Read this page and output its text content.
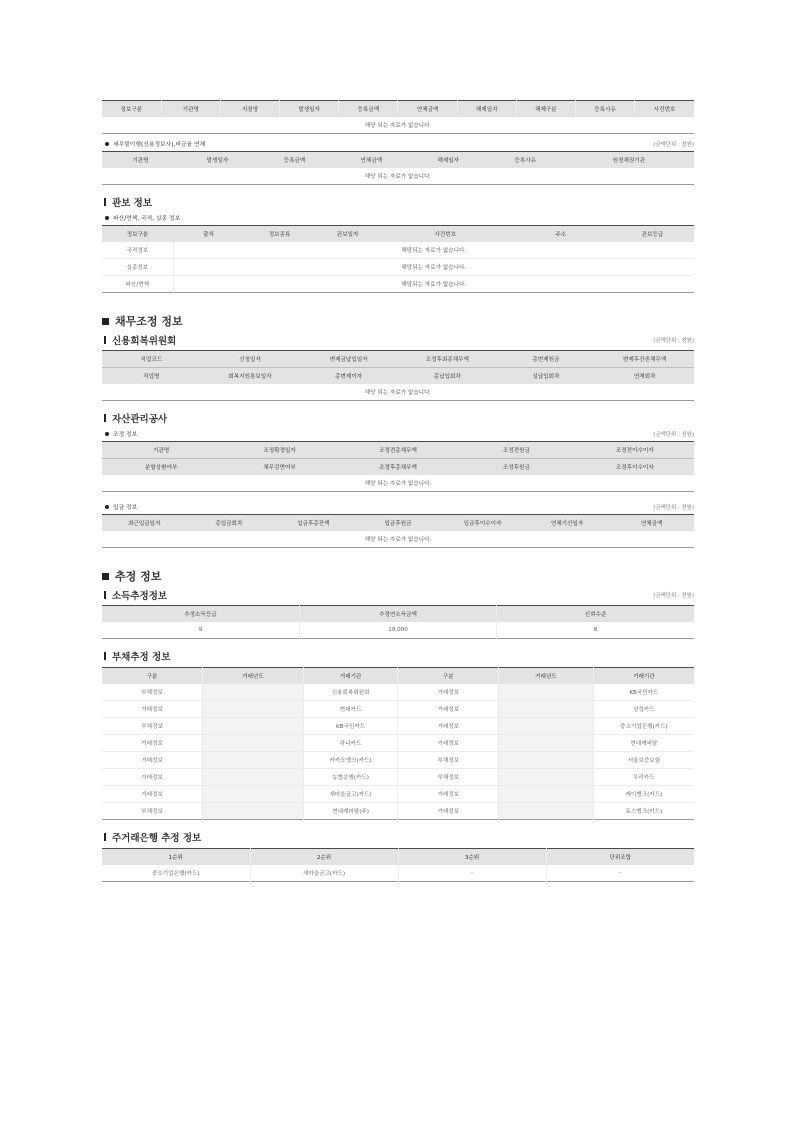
정보구분	기관명	지점명	발생일자	등록금액	연체금액	해제일자	해제구분	등록사유	사건번호
해당 되는 자료가 없습니다.
세무불이행(신용정보사),비금융 연체	(금액단위 : 천원)
기관명	발생일자	등록금액	연체금액	해제일자	등록사유	원천채권기관
해당 되는 자료가 없습니다.
관보 정보
파산/면책, 국적, 실종 정보
정보구분	출처	정보종류	관보일자	사건번호	주소	관보등급
국적정보	해당되는 자료가 없습니다.					
실종정보	해당되는 자료가 없습니다.					
파산/면책	해당되는 자료가 없습니다.					
채무조정 정보
신용회복위원회	(금액단위 : 천원)
직업코드	신청일자	변제금납입일자	조정후최종채무액	총변제원금	변제후잔존채무액
직업명	회복지원통보일자	총변제이자	총납입회차	실납입회차	연체회차
해당 되는 자료가 없습니다.					
자산관리공사
조정 정보	(금액단위 : 천원)
기관명	조정확정일자	조정전총채무액	조정전원금	조정전이수이자
분할상환여부	채무감면여부	조정후총채무액	조정후원금	조정후이수이자
해당 되는 자료가 없습니다.				
입금 정보	(금액단위 : 천원)
최근입금일자	총입금회차	입금후총잔액	입금후원금	입금후이수이자	연체기산일자	연체금액
해당 되는 자료가 없습니다.
추정 정보
소득추정정보	(금액단위 : 천원)
추정소득등급	추정연소득금액	신뢰수준
9	19,000	8
부채추정 정보
구분	거래년도	거래기관	구분	거래년도	거래기관
부채정보		신용회복위원회	거래정보		KB국민카드
거래정보		현대카드	거래정보		삼성카드
부채정보		KB국민카드	거래정보		중소기업은행(카드)
거래정보		하나카드	거래정보		현대캐피탈
거래정보		카카오뱅크(카드)	부채정보		서울보증보험
거래정보		농협은행(카드)	부채정보		우리카드
거래정보		새마을금고(카드)	거래정보		케이뱅크(카드)
부채정보		현대캐피탈(주)	거래정보		토스뱅크(카드)
주거래은행 추정 정보
1순위	2순위	3순위	단위조합
중소기업은행(카드)	새마을금고(카드)	-	-
